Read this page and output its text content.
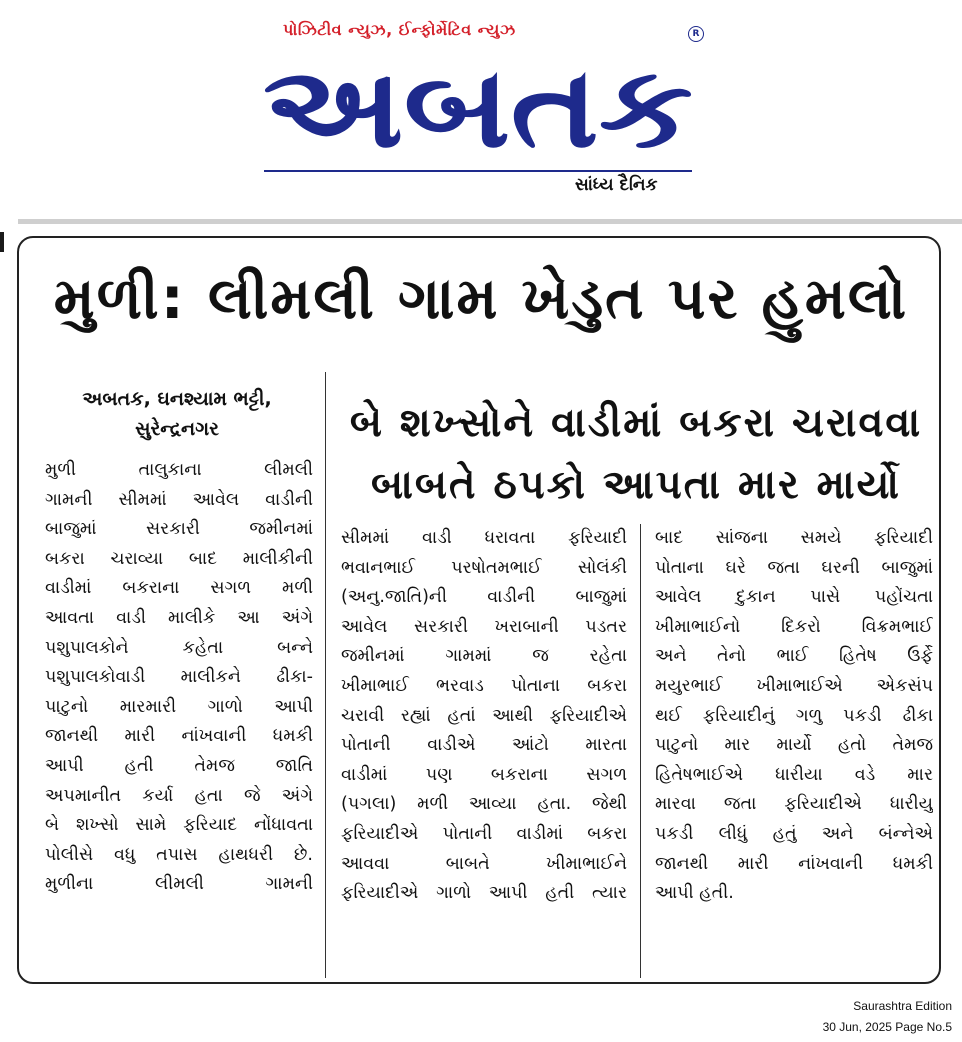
પોઝિટીવ ન્યુઝ, ઈન્ફોર્મેટિવ ન્યુઝ
અબતક
R
સાંધ્ય દૈનિક
મુળી: લીમલી ગામ ખેડુત પર હુમલો
અબતક, ઘનશ્યામ ભટ્ટી,
સુરેન્દ્રનગર	બે શખ્સોને વાડીમાં બકરા ચરાવવા
બાબતે ઠપકો આપતા માર માર્યો
મુળી તાલુકાના લીમલી
ગામની સીમમાં આવેલ વાડીની
બાજુમાં સરકારી જમીનમાં
બકરા ચરાવ્યા બાદ માલીકીની
વાડીમાં બકરાના સગળ મળી
આવતા વાડી માલીકે આ અંગે
પશુપાલકોને કહેતા બન્ને
પશુપાલકોવાડી માલીકને ઢીકા-
પાટુનો મારમારી ગાળો આપી
જાનથી મારી નાંખવાની ધમકી
આપી હતી તેમજ જાતિ
અપમાનીત કર્યા હતા જે અંગે
બે શખ્સો સામે ફરિયાદ નોંધાવતા
પોલીસે વધુ તપાસ હાથધરી છે.
મુળીના લીમલી ગામની
સીમમાં વાડી ધરાવતા ફરિયાદી
ભવાનભાઈ પરષોતમભાઈ સોલંકી
(અનુ.જાતિ)ની વાડીની બાજુમાં
આવેલ સરકારી ખરાબાની પડતર
જમીનમાં ગામમાં જ રહેતા
ખીમાભાઈ ભરવાડ પોતાના બકરા
ચરાવી રહ્યાં હતાં આથી ફરિયાદીએ
પોતાની વાડીએ આંટો મારતા
વાડીમાં પણ બકરાના સગળ
(પગલા) મળી આવ્યા હતા. જેથી
ફરિયાદીએ પોતાની વાડીમાં બકરા
આવવા બાબતે ખીમાભાઈને
ફરિયાદીએ ગાળો આપી હતી ત્યાર
બાદ સાંજના સમયે ફરિયાદી
પોતાના ઘરે જતા ઘરની બાજુમાં
આવેલ દુકાન પાસે પહોંચતા
ખીમાભાઈનો દિકરો વિક્રમભાઈ
અને તેનો ભાઈ હિતેષ ઉર્ફે
મયુરભાઈ ખીમાભાઈએ એકસંપ
થઈ ફરિયાદીનું ગળુ પકડી ઢીકા
પાટુનો માર માર્યો હતો તેમજ
હિતેષભાઈએ ધારીયા વડે માર
મારવા જતા ફરિયાદીએ ધારીયુ
પકડી લીધું હતું અને બંન્નેએ
જાનથી મારી નાંખવાની ધમકી
આપી હતી.
Saurashtra Edition
30 Jun, 2025 Page No.5
